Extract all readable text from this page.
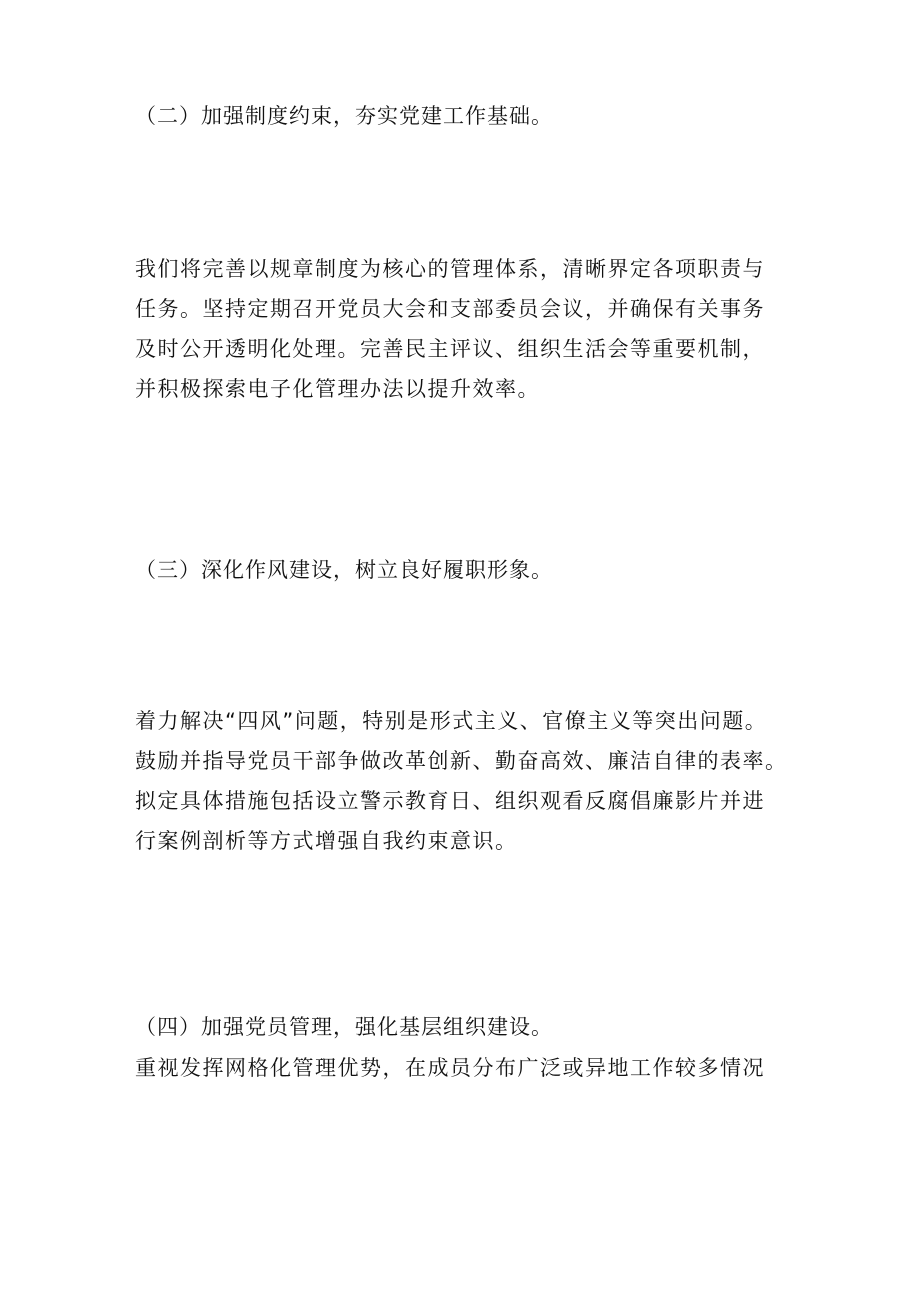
（二）加强制度约束，夯实党建工作基础。
我们将完善以规章制度为核心的管理体系，清晰界定各项职责与
任务。坚持定期召开党员大会和支部委员会议，并确保有关事务
及时公开透明化处理。完善民主评议、组织生活会等重要机制，
并积极探索电子化管理办法以提升效率。
（三）深化作风建设，树立良好履职形象。
着力解决“四风”问题，特别是形式主义、官僚主义等突出问题。
鼓励并指导党员干部争做改革创新、勤奋高效、廉洁自律的表率。
拟定具体措施包括设立警示教育日、组织观看反腐倡廉影片并进
行案例剖析等方式增强自我约束意识。
（四）加强党员管理，强化基层组织建设。
重视发挥网格化管理优势，在成员分布广泛或异地工作较多情况
